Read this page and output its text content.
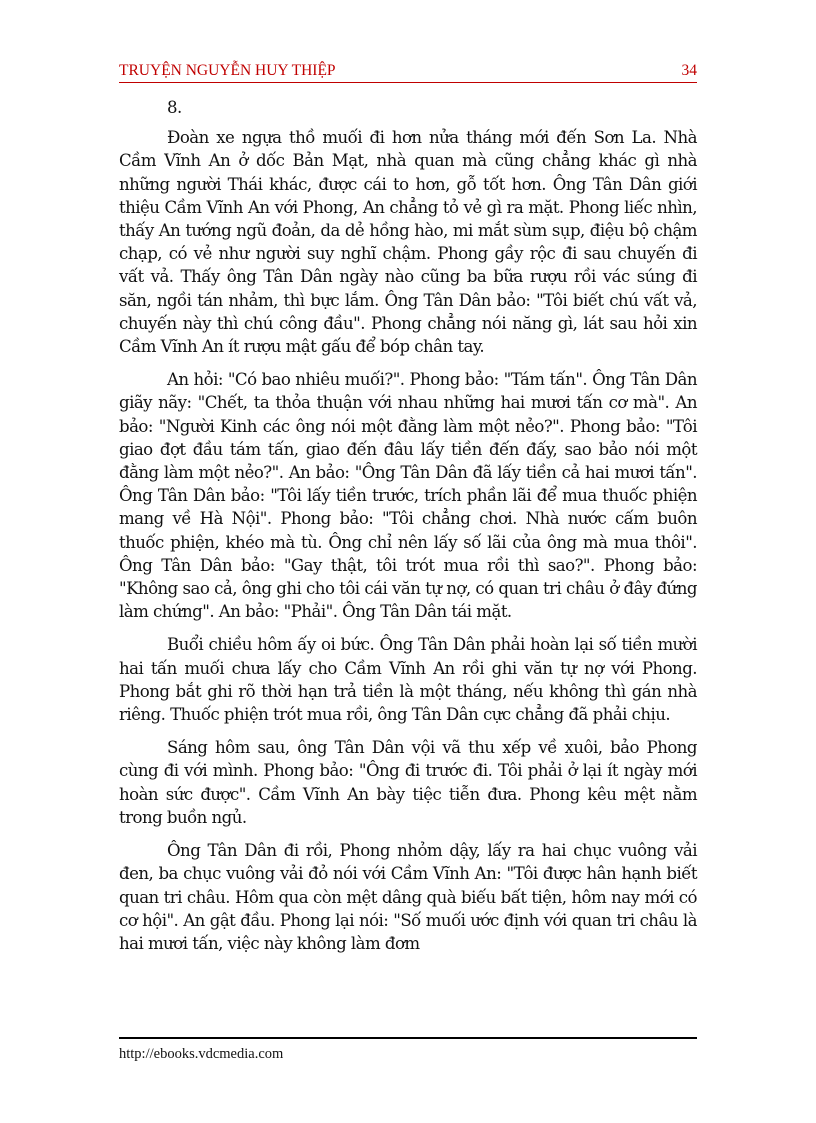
TRUYỆN NGUYỄN HUY THIỆP	34

8.

Đoàn xe ngựa thồ muối đi hơn nửa tháng mới đến Sơn La. Nhà Cầm Vĩnh An ở dốc Bản Mạt, nhà quan mà cũng chẳng khác gì nhà những người Thái khác, được cái to hơn, gỗ tốt hơn. Ông Tân Dân giới thiệu Cầm Vĩnh An với Phong, An chẳng tỏ vẻ gì ra mặt. Phong liếc nhìn, thấy An tướng ngũ đoản, da dẻ hồng hào, mi mắt sùm sụp, điệu bộ chậm chạp, có vẻ như người suy nghĩ chậm. Phong gầy rộc đi sau chuyến đi vất vả. Thấy ông Tân Dân ngày nào cũng ba bữa rượu rồi vác súng đi săn, ngồi tán nhảm, thì bực lắm. Ông Tân Dân bảo: "Tôi biết chú vất vả, chuyến này thì chú công đầu". Phong chẳng nói năng gì, lát sau hỏi xin Cầm Vĩnh An ít rượu mật gấu để bóp chân tay.

An hỏi: "Có bao nhiêu muối?". Phong bảo: "Tám tấn". Ông Tân Dân giãy nãy: "Chết, ta thỏa thuận với nhau những hai mươi tấn cơ mà". An bảo: "Người Kinh các ông nói một đằng làm một nẻo?". Phong bảo: "Tôi giao đợt đầu tám tấn, giao đến đâu lấy tiền đến đấy, sao bảo nói một đằng làm một nẻo?". An bảo: "Ông Tân Dân đã lấy tiền cả hai mươi tấn". Ông Tân Dân bảo: "Tôi lấy tiền trước, trích phần lãi để mua thuốc phiện mang về Hà Nội". Phong bảo: "Tôi chẳng chơi. Nhà nước cấm buôn thuốc phiện, khéo mà tù. Ông chỉ nên lấy số lãi của ông mà mua thôi". Ông Tân Dân bảo: "Gay thật, tôi trót mua rồi thì sao?". Phong bảo: "Không sao cả, ông ghi cho tôi cái văn tự nợ, có quan tri châu ở đây đứng làm chứng". An bảo: "Phải". Ông Tân Dân tái mặt.

Buổi chiều hôm ấy oi bức. Ông Tân Dân phải hoàn lại số tiền mười hai tấn muối chưa lấy cho Cầm Vĩnh An rồi ghi văn tự nợ với Phong. Phong bắt ghi rõ thời hạn trả tiền là một tháng, nếu không thì gán nhà riêng. Thuốc phiện trót mua rồi, ông Tân Dân cực chẳng đã phải chịu.

Sáng hôm sau, ông Tân Dân vội vã thu xếp về xuôi, bảo Phong cùng đi với mình. Phong bảo: "Ông đi trước đi. Tôi phải ở lại ít ngày mới hoàn sức được". Cầm Vĩnh An bày tiệc tiễn đưa. Phong kêu mệt nằm trong buồn ngủ.

Ông Tân Dân đi rồi, Phong nhỏm dậy, lấy ra hai chục vuông vải đen, ba chục vuông vải đỏ nói với Cầm Vĩnh An: "Tôi được hân hạnh biết quan tri châu. Hôm qua còn mệt dâng quà biếu bất tiện, hôm nay mới có cơ hội". An gật đầu. Phong lại nói: "Số muối ước định với quan tri châu là hai mươi tấn, việc này không làm đơm

http://ebooks.vdcmedia.com
